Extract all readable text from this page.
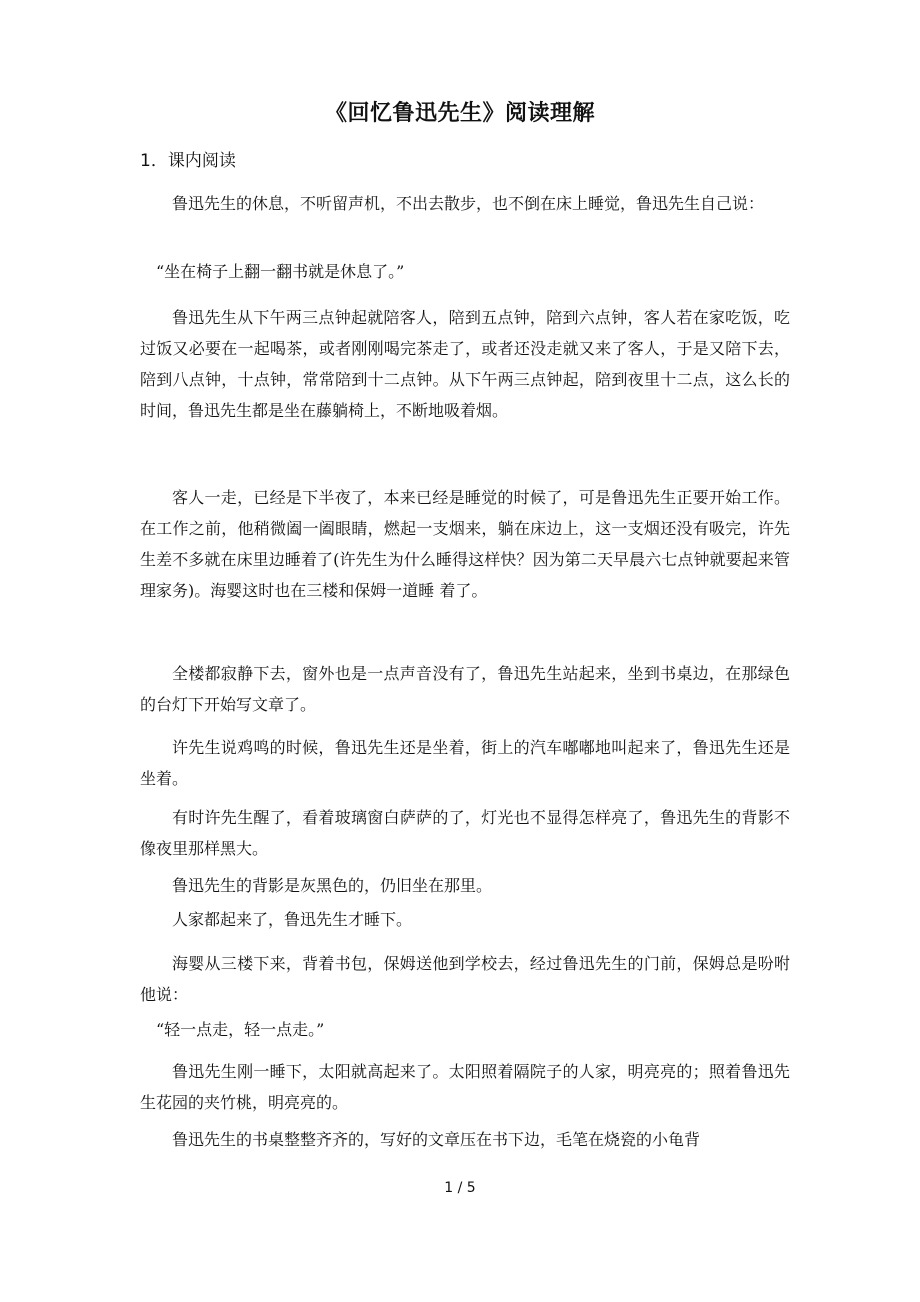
《回忆鲁迅先生》阅读理解
1．课内阅读

鲁迅先生的休息，不听留声机，不出去散步，也不倒在床上睡觉，鲁迅先生自己说：

“坐在椅子上翻一翻书就是休息了。”

鲁迅先生从下午两三点钟起就陪客人，陪到五点钟，陪到六点钟，客人若在家吃饭，吃过饭又必要在一起喝茶，或者刚刚喝完茶走了，或者还没走就又来了客人，于是又陪下去，陪到八点钟，十点钟，常常陪到十二点钟。从下午两三点钟起，陪到夜里十二点，这么长的时间，鲁迅先生都是坐在藤躺椅上，不断地吸着烟。

客人一走，已经是下半夜了，本来已经是睡觉的时候了，可是鲁迅先生正要开始工作。在工作之前，他稍微阖一阖眼睛，燃起一支烟来，躺在床边上，这一支烟还没有吸完，许先生差不多就在床里边睡着了(许先生为什么睡得这样快？因为第二天早晨六七点钟就要起来管理家务)。海婴这时也在三楼和保姆一道睡 着了。

全楼都寂静下去，窗外也是一点声音没有了，鲁迅先生站起来，坐到书桌边，在那绿色的台灯下开始写文章了。

许先生说鸡鸣的时候，鲁迅先生还是坐着，街上的汽车嘟嘟地叫起来了，鲁迅先生还是坐着。

有时许先生醒了，看着玻璃窗白萨萨的了，灯光也不显得怎样亮了，鲁迅先生的背影不像夜里那样黑大。

鲁迅先生的背影是灰黑色的，仍旧坐在那里。

人家都起来了，鲁迅先生才睡下。

海婴从三楼下来，背着书包，保姆送他到学校去，经过鲁迅先生的门前，保姆总是吩咐他说：

“轻一点走，轻一点走。”

鲁迅先生刚一睡下，太阳就高起来了。太阳照着隔院子的人家，明亮亮的；照着鲁迅先生花园的夹竹桃，明亮亮的。

鲁迅先生的书桌整整齐齐的，写好的文章压在书下边，毛笔在烧瓷的小龟背

1 / 5
